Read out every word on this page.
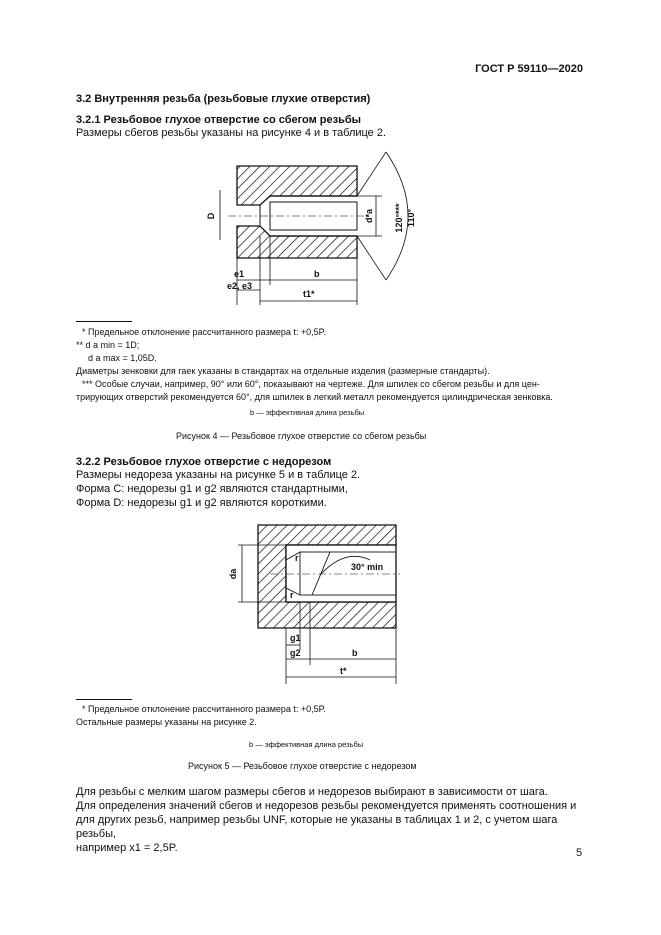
ГОСТ Р 59110—2020
3.2 Внутренняя резьба (резьбовые глухие отверстия)
3.2.1 Резьбовое глухое отверстие со сбегом резьбы
Размеры сбегов резьбы указаны на рисунке 4 и в таблице 2.
D	d*a 120°*** 110°
e1
e2, e3
b
t1*
* Предельное отклонение рассчитанного размера t: +0,5P.
** d a min = 1D;
d a max = 1,05D.
Диаметры зенковки для гаек указаны в стандартах на отдельные изделия (размерные стандарты).
*** Особые случаи, например, 90° или 60°, показывают на чертеже. Для шпилек со сбегом резьбы и для цен-
трирующих отверстий рекомендуется 60°, для шпилек в легкий металл рекомендуется цилиндрическая зенковка.
b — эффективная длина резьбы
Рисунок 4 — Резьбовое глухое отверстие со сбегом резьбы
3.2.2 Резьбовое глухое отверстие с недорезом
Размеры недореза указаны на рисунке 5 и в таблице 2.
Форма C: недорезы g1 и g2 являются стандартными,
Форма D: недорезы g1 и g2 являются короткими.
30° min
da
r
r
g1
g2	b
t*
* Предельное отклонение рассчитанного размера t: +0,5P.
Остальные размеры указаны на рисунке 2.
b — эффективная длина резьбы
Рисунок 5 — Резьбовое глухое отверстие с недорезом
Для резьбы с мелким шагом размеры сбегов и недорезов выбирают в зависимости от шага.
Для определения значений сбегов и недорезов резьбы рекомендуется применять соотношения и
для других резьб, например резьбы UNF, которые не указаны в таблицах 1 и 2, с учетом шага резьбы,
например x1 = 2,5P.	5
